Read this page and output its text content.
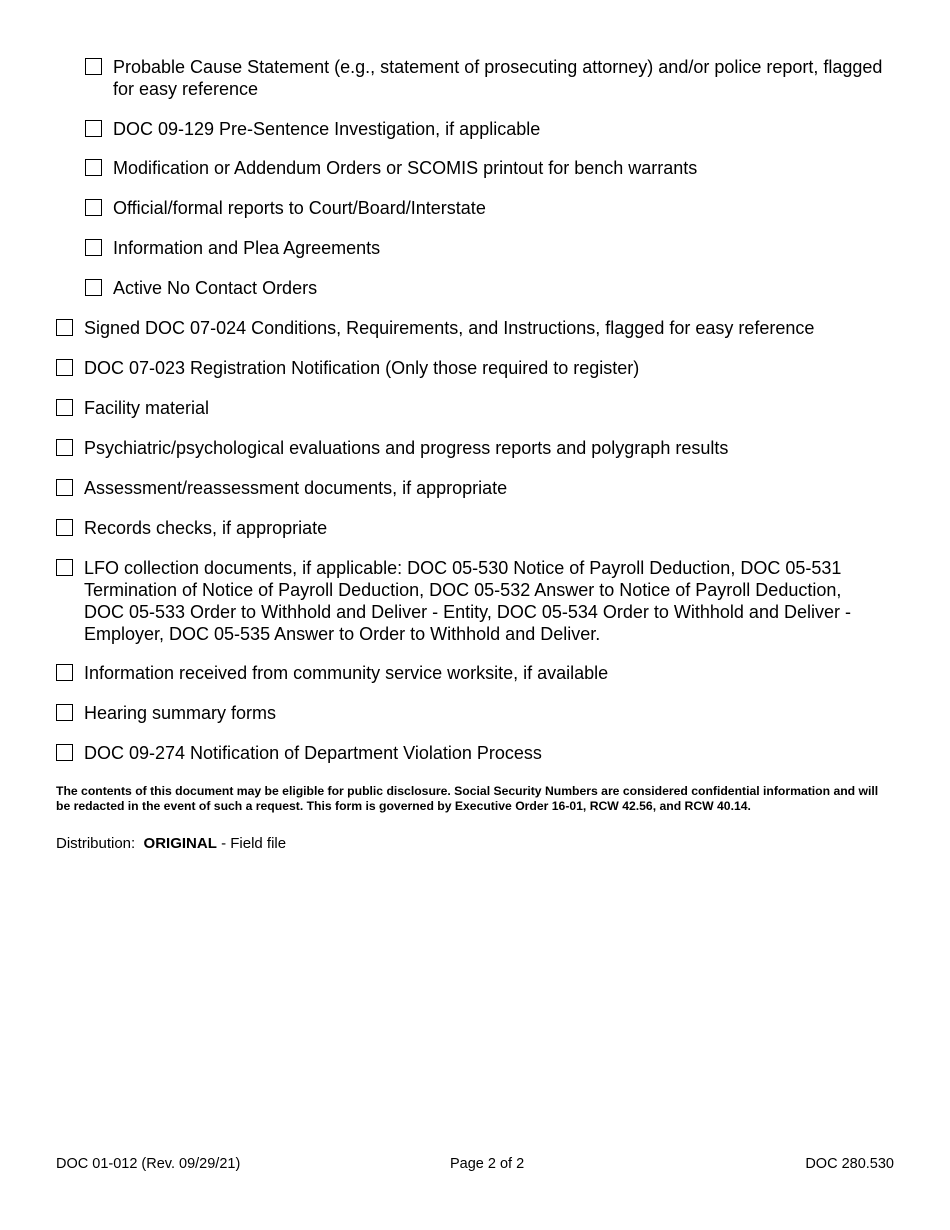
Probable Cause Statement (e.g., statement of prosecuting attorney) and/or police report, flagged for easy reference
DOC 09-129 Pre-Sentence Investigation, if applicable
Modification or Addendum Orders or SCOMIS printout for bench warrants
Official/formal reports to Court/Board/Interstate
Information and Plea Agreements
Active No Contact Orders
Signed DOC 07-024 Conditions, Requirements, and Instructions, flagged for easy reference
DOC 07-023 Registration Notification (Only those required to register)
Facility material
Psychiatric/psychological evaluations and progress reports and polygraph results
Assessment/reassessment documents, if appropriate
Records checks, if appropriate
LFO collection documents, if applicable: DOC 05-530 Notice of Payroll Deduction, DOC 05-531 Termination of Notice of Payroll Deduction, DOC 05-532 Answer to Notice of Payroll Deduction, DOC 05-533 Order to Withhold and Deliver - Entity, DOC 05-534 Order to Withhold and Deliver - Employer, DOC 05-535 Answer to Order to Withhold and Deliver.
Information received from community service worksite, if available
Hearing summary forms
DOC 09-274 Notification of Department Violation Process
The contents of this document may be eligible for public disclosure. Social Security Numbers are considered confidential information and will be redacted in the event of such a request. This form is governed by Executive Order 16-01, RCW 42.56, and RCW 40.14.
Distribution: ORIGINAL - Field file
DOC 01-012 (Rev. 09/29/21)	Page 2 of 2	DOC 280.530
